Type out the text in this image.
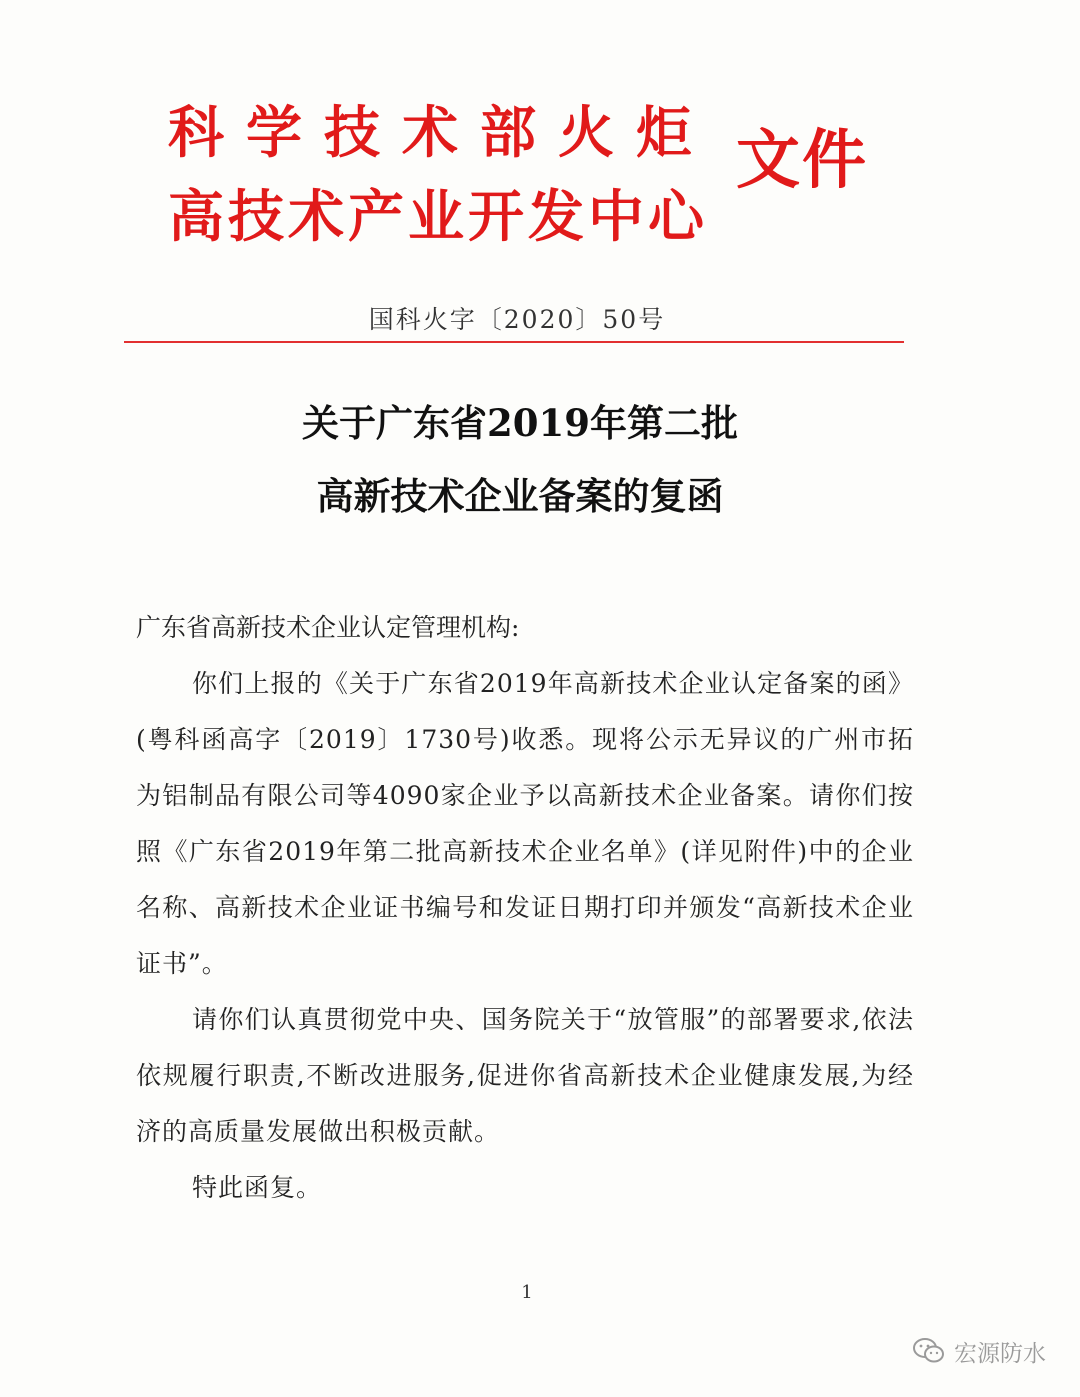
科学技术部火炬
高技术产业开发中心
文件
国科火字〔2020〕50号
关于广东省2019年第二批
高新技术企业备案的复函

广东省高新技术企业认定管理机构:

你们上报的《关于广东省2019年高新技术企业认定备案的函》(粤科函高字〔2019〕1730号)收悉。现将公示无异议的广州市拓为铝制品有限公司等4090家企业予以高新技术企业备案。请你们按照《广东省2019年第二批高新技术企业名单》(详见附件)中的企业名称、高新技术企业证书编号和发证日期打印并颁发“高新技术企业证书”。

请你们认真贯彻党中央、国务院关于“放管服”的部署要求,依法依规履行职责,不断改进服务,促进你省高新技术企业健康发展,为经济的高质量发展做出积极贡献。

特此函复。

1
宏源防水
